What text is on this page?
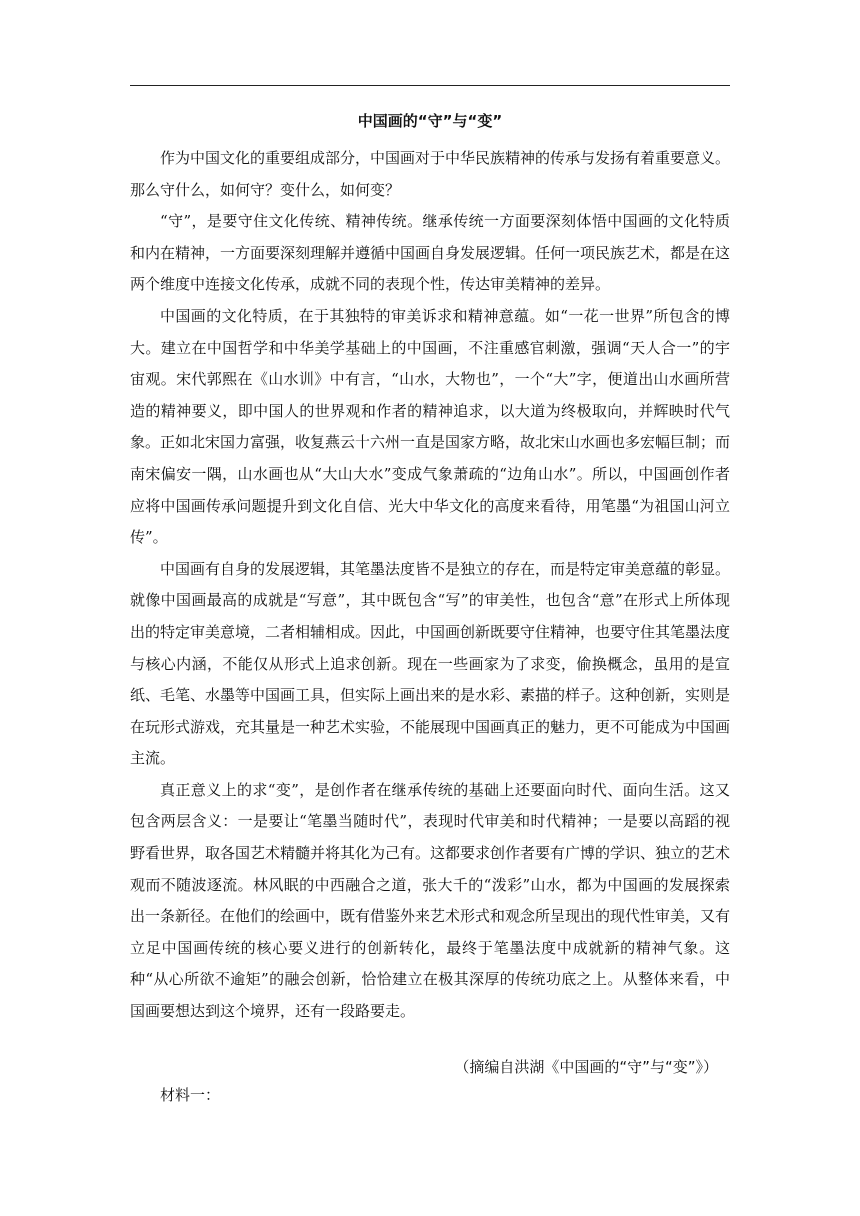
中国画的“守”与“变”

作为中国文化的重要组成部分，中国画对于中华民族精神的传承与发扬有着重要意义。那么守什么，如何守？变什么，如何变？

“守”，是要守住文化传统、精神传统。继承传统一方面要深刻体悟中国画的文化特质和内在精神，一方面要深刻理解并遵循中国画自身发展逻辑。任何一项民族艺术，都是在这两个维度中连接文化传承，成就不同的表现个性，传达审美精神的差异。

中国画的文化特质，在于其独特的审美诉求和精神意蕴。如“一花一世界”所包含的博大。建立在中国哲学和中华美学基础上的中国画，不注重感官刺激，强调“天人合一”的宇宙观。宋代郭熙在《山水训》中有言，“山水，大物也”，一个“大”字，便道出山水画所营造的精神要义，即中国人的世界观和作者的精神追求，以大道为终极取向，并辉映时代气象。正如北宋国力富强，收复燕云十六州一直是国家方略，故北宋山水画也多宏幅巨制；而南宋偏安一隅，山水画也从“大山大水”变成气象萧疏的“边角山水”。所以，中国画创作者应将中国画传承问题提升到文化自信、光大中华文化的高度来看待，用笔墨“为祖国山河立传”。

中国画有自身的发展逻辑，其笔墨法度皆不是独立的存在，而是特定审美意蕴的彰显。就像中国画最高的成就是“写意”，其中既包含“写”的审美性，也包含“意”在形式上所体现出的特定审美意境，二者相辅相成。因此，中国画创新既要守住精神，也要守住其笔墨法度与核心内涵，不能仅从形式上追求创新。现在一些画家为了求变，偷换概念，虽用的是宣纸、毛笔、水墨等中国画工具，但实际上画出来的是水彩、素描的样子。这种创新，实则是在玩形式游戏，充其量是一种艺术实验，不能展现中国画真正的魅力，更不可能成为中国画主流。

真正意义上的求“变”，是创作者在继承传统的基础上还要面向时代、面向生活。这又包含两层含义：一是要让“笔墨当随时代”，表现时代审美和时代精神；一是要以高蹈的视野看世界，取各国艺术精髓并将其化为己有。这都要求创作者要有广博的学识、独立的艺术观而不随波逐流。林风眠的中西融合之道，张大千的“泼彩”山水，都为中国画的发展探索出一条新径。在他们的绘画中，既有借鉴外来艺术形式和观念所呈现出的现代性审美，又有立足中国画传统的核心要义进行的创新转化，最终于笔墨法度中成就新的精神气象。这种“从心所欲不逾矩”的融会创新，恰恰建立在极其深厚的传统功底之上。从整体来看，中国画要想达到这个境界，还有一段路要走。

（摘编自洪湖《中国画的“守”与“变”》）
材料一：
